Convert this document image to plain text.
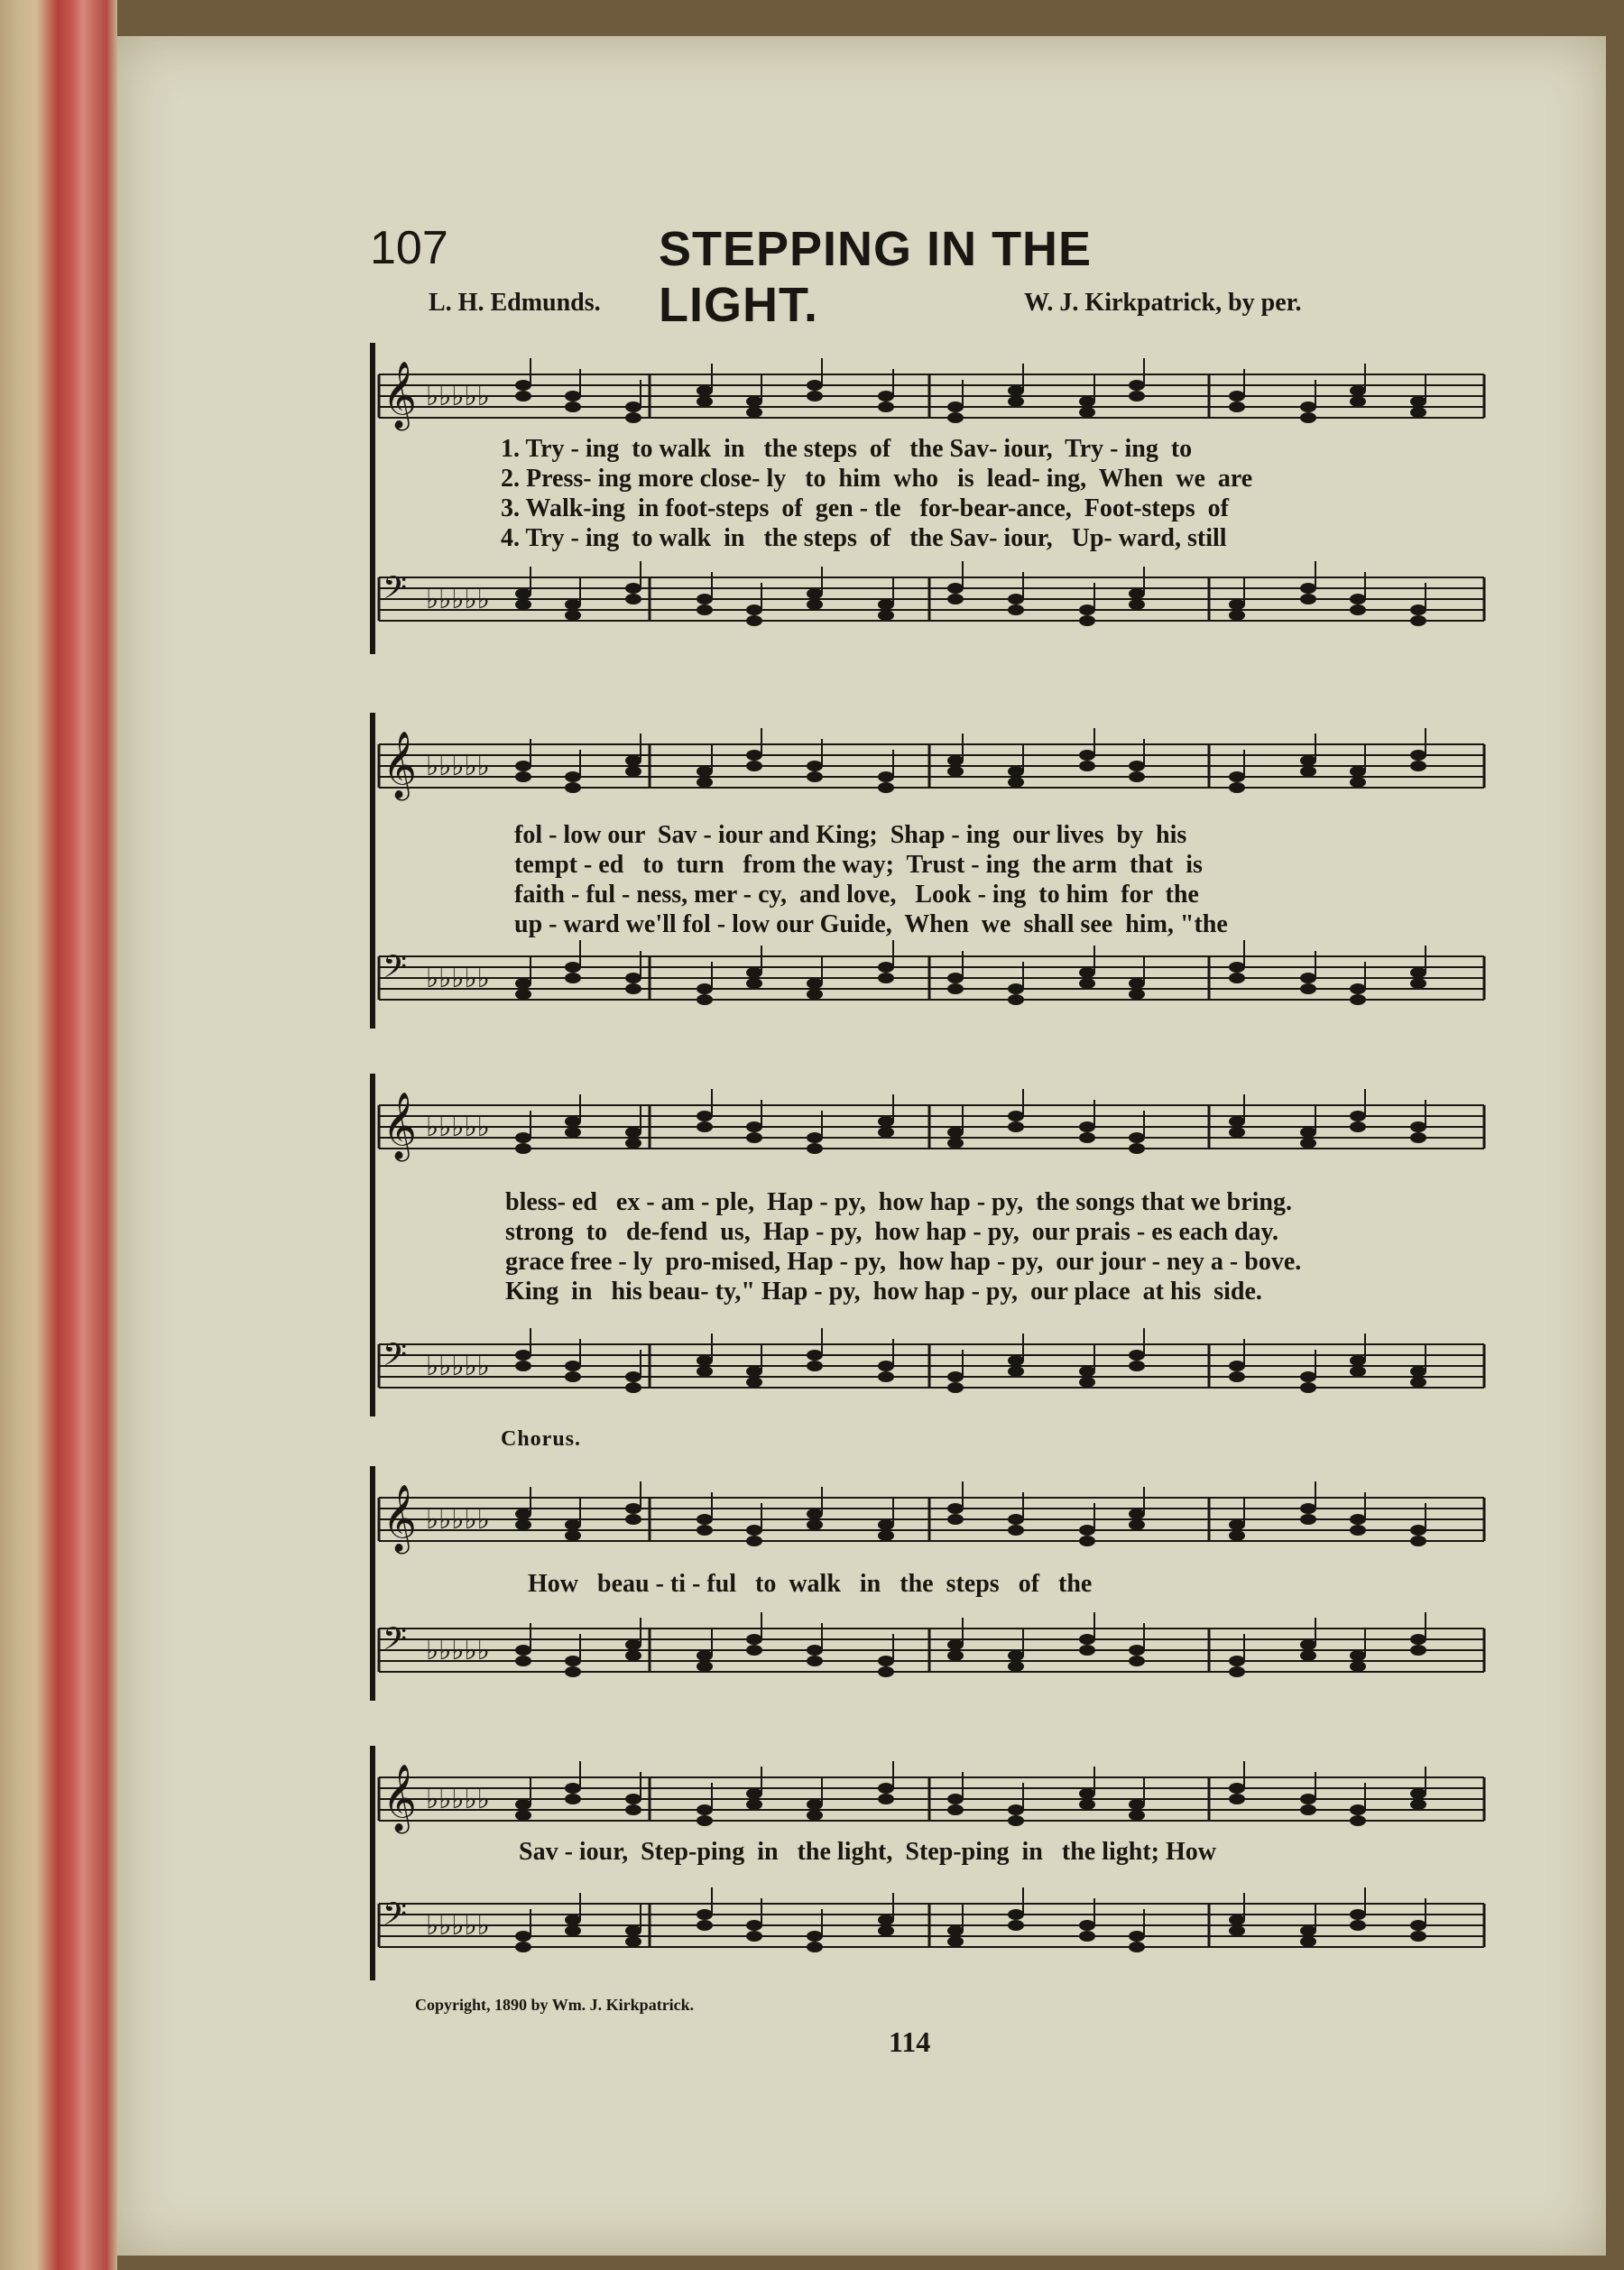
107	STEPPING IN THE LIGHT.
L. H. Edmunds.	W. J. Kirkpatrick, by per.
𝄞 ♭♭♭♭♭
1. Try - ing  to walk  in   the steps  of   the Sav- iour,  Try - ing  to
2. Press- ing more close- ly   to  him  who   is  lead- ing,  When  we  are
3. Walk-ing  in foot-steps  of  gen - tle   for-bear-ance,  Foot-steps  of
4. Try - ing  to walk  in   the steps  of   the Sav- iour,   Up- ward, still
𝄢 ♭♭♭♭♭
𝄞 ♭♭♭♭♭
fol - low our  Sav - iour and King;  Shap - ing  our lives  by  his
tempt - ed   to  turn   from the way;  Trust - ing  the arm  that  is
faith - ful - ness, mer - cy,  and love,   Look - ing  to him  for  the
up - ward we'll fol - low our Guide,  When  we  shall see  him, "the
𝄢 ♭♭♭♭♭
𝄞 ♭♭♭♭♭
bless- ed   ex - am - ple,  Hap - py,  how hap - py,  the songs that we bring.
strong  to   de-fend  us,  Hap - py,  how hap - py,  our prais - es each day.
grace free - ly  pro-mised, Hap - py,  how hap - py,  our jour - ney a - bove.
King  in   his beau- ty," Hap - py,  how hap - py,  our place  at his  side.
𝄢 ♭♭♭♭♭
Chorus.
𝄞 ♭♭♭♭♭
How   beau - ti - ful   to  walk   in   the  steps   of   the
𝄢 ♭♭♭♭♭
𝄞 ♭♭♭♭♭
Sav - iour,  Step-ping  in   the light,  Step-ping  in   the light; How
𝄢 ♭♭♭♭♭
Copyright, 1890 by Wm. J. Kirkpatrick.
114
